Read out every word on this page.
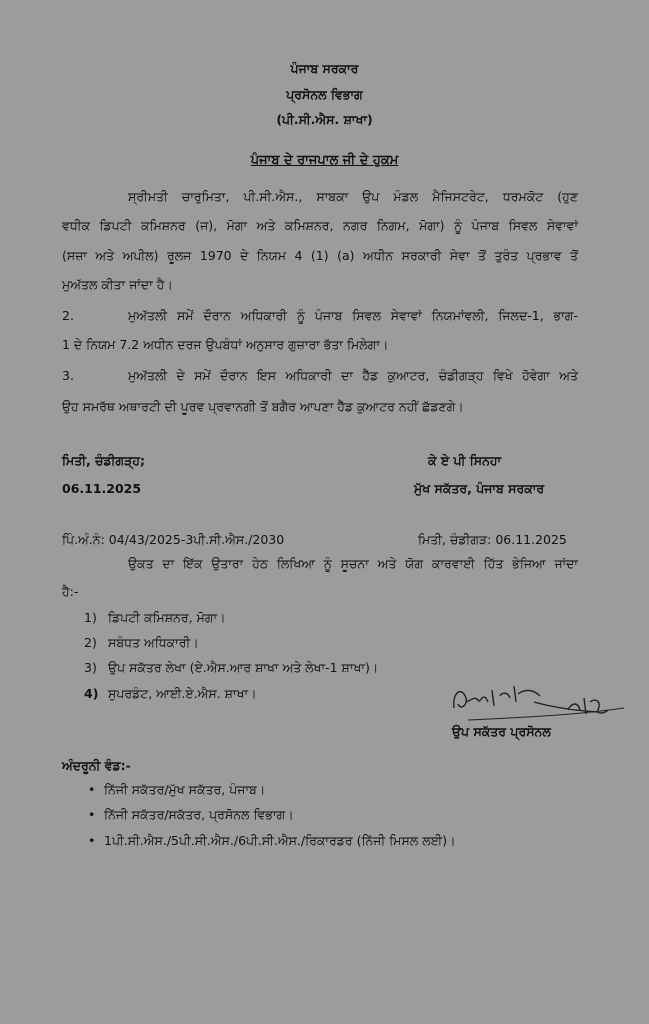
ਪੰਜਾਬ ਸਰਕਾਰ
ਪ੍ਰਸੋਨਲ ਵਿਭਾਗ
(ਪੀ.ਸੀ.ਐਸ. ਸ਼ਾਖਾ)
ਪੰਜਾਬ ਦੇ ਰਾਜਪਾਲ ਜੀ ਦੇ ਹੁਕਮ
ਸ੍ਰੀਮਤੀ ਚਾਰੁਮਿਤਾ, ਪੀ.ਸੀ.ਐਸ., ਸਾਬਕਾ ਉਪ ਮੰਡਲ ਮੈਜਿਸਟਰੇਟ, ਧਰਮਕੋਟ (ਹੁਣ
ਵਧੀਕ ਡਿਪਟੀ ਕਮਿਸ਼ਨਰ (ਜ), ਮੋਗਾ ਅਤੇ ਕਮਿਸ਼ਨਰ, ਨਗਰ ਨਿਗਮ, ਮੋਗਾ) ਨੂੰ ਪੰਜਾਬ ਸਿਵਲ ਸੇਵਾਵਾਂ
(ਸਜ਼ਾ ਅਤੇ ਅਪੀਲ) ਰੂਲਜ 1970 ਦੇ ਨਿਯਮ 4 (1) (a) ਅਧੀਨ ਸਰਕਾਰੀ ਸੇਵਾ ਤੋਂ ਤੁਰੰਤ ਪ੍ਰਭਾਵ ਤੋਂ
ਮੁਅੱਤਲ ਕੀਤਾ ਜਾਂਦਾ ਹੈ।
2.	ਮੁਅੱਤਲੀ ਸਮੇਂ ਦੌਰਾਨ ਅਧਿਕਾਰੀ ਨੂੰ ਪੰਜਾਬ ਸਿਵਲ ਸੇਵਾਵਾਂ ਨਿਯਮਾਂਵਲੀ, ਜਿਲਦ-1, ਭਾਗ-
1 ਦੇ ਨਿਯਮ 7.2 ਅਧੀਨ ਦਰਜ ਉਪਬੰਧਾਂ ਅਨੁਸਾਰ ਗੁਜ਼ਾਰਾ ਭੱਤਾ ਮਿਲੇਗਾ।
3.	ਮੁਅੱਤਲੀ ਦੇ ਸਮੇਂ ਦੌਰਾਨ ਇਸ ਅਧਿਕਾਰੀ ਦਾ ਹੈੱਡ ਕੁਆਟਰ, ਚੰਡੀਗੜ੍ਹ ਵਿਖੇ ਹੋਵੇਗਾ ਅਤੇ
ਉਹ ਸਮਰੱਥ ਅਥਾਰਟੀ ਦੀ ਪੂਰਵ ਪ੍ਰਵਾਨਗੀ ਤੋਂ ਬਗੈਰ ਆਪਣਾ ਹੈੱਡ ਕੁਆਟਰ ਨਹੀਂ ਛੱਡਣਗੇ।
ਮਿਤੀ, ਚੰਡੀਗੜ੍ਹ;
06.11.2025
ਕੇ ਏ ਪੀ ਸਿਨਹਾ
ਮੁੱਖ ਸਕੱਤਰ, ਪੰਜਾਬ ਸਰਕਾਰ
ਪਿੰ.ਅੰ.ਨੰ: 04/43/2025-3ਪੀ.ਸੀ.ਐਸ./2030	ਮਿਤੀ, ਚੰਡੀਗੜ: 06.11.2025
ਉਕਤ ਦਾ ਇੱਕ ਉਤਾਰਾ ਹੇਠ ਲਿਖਿਆ ਨੂੰ ਸੂਚਨਾ ਅਤੇ ਯੋਗ ਕਾਰਵਾਈ ਹਿੱਤ ਭੇਜਿਆ ਜਾਂਦਾ
ਹੈ:-
1) ਡਿਪਟੀ ਕਮਿਸ਼ਨਰ, ਮੋਗਾ।
2) ਸਬੰਧਤ ਅਧਿਕਾਰੀ।
3) ਉਪ ਸਕੱਤਰ ਲੇਖਾ (ਏ.ਐਸ.ਆਰ ਸ਼ਾਖਾ ਅਤੇ ਲੇਖਾ-1 ਸ਼ਾਖਾ)।
4) ਸੁਪਰਡੰਟ, ਆਈ.ਏ.ਐਸ. ਸ਼ਾਖਾ।
ਉਪ ਸਕੱਤਰ ਪ੍ਰਸੋਨਲ
ਅੰਦਰੂਨੀ ਵੰਡ:-
• ਨਿੱਜੀ ਸਕੱਤਰ/ਮੁੱਖ ਸਕੱਤਰ, ਪੰਜਾਬ।
• ਨਿੱਜੀ ਸਕੱਤਰ/ਸਕੱਤਰ, ਪ੍ਰਸੋਨਲ ਵਿਭਾਗ।
• 1ਪੀ.ਸੀ.ਐਸ./5ਪੀ.ਸੀ.ਐਸ./6ਪੀ.ਸੀ.ਐਸ./ਰਿਕਾਰਡਰ (ਨਿੱਜੀ ਮਿਸਲ ਲਈ)।
